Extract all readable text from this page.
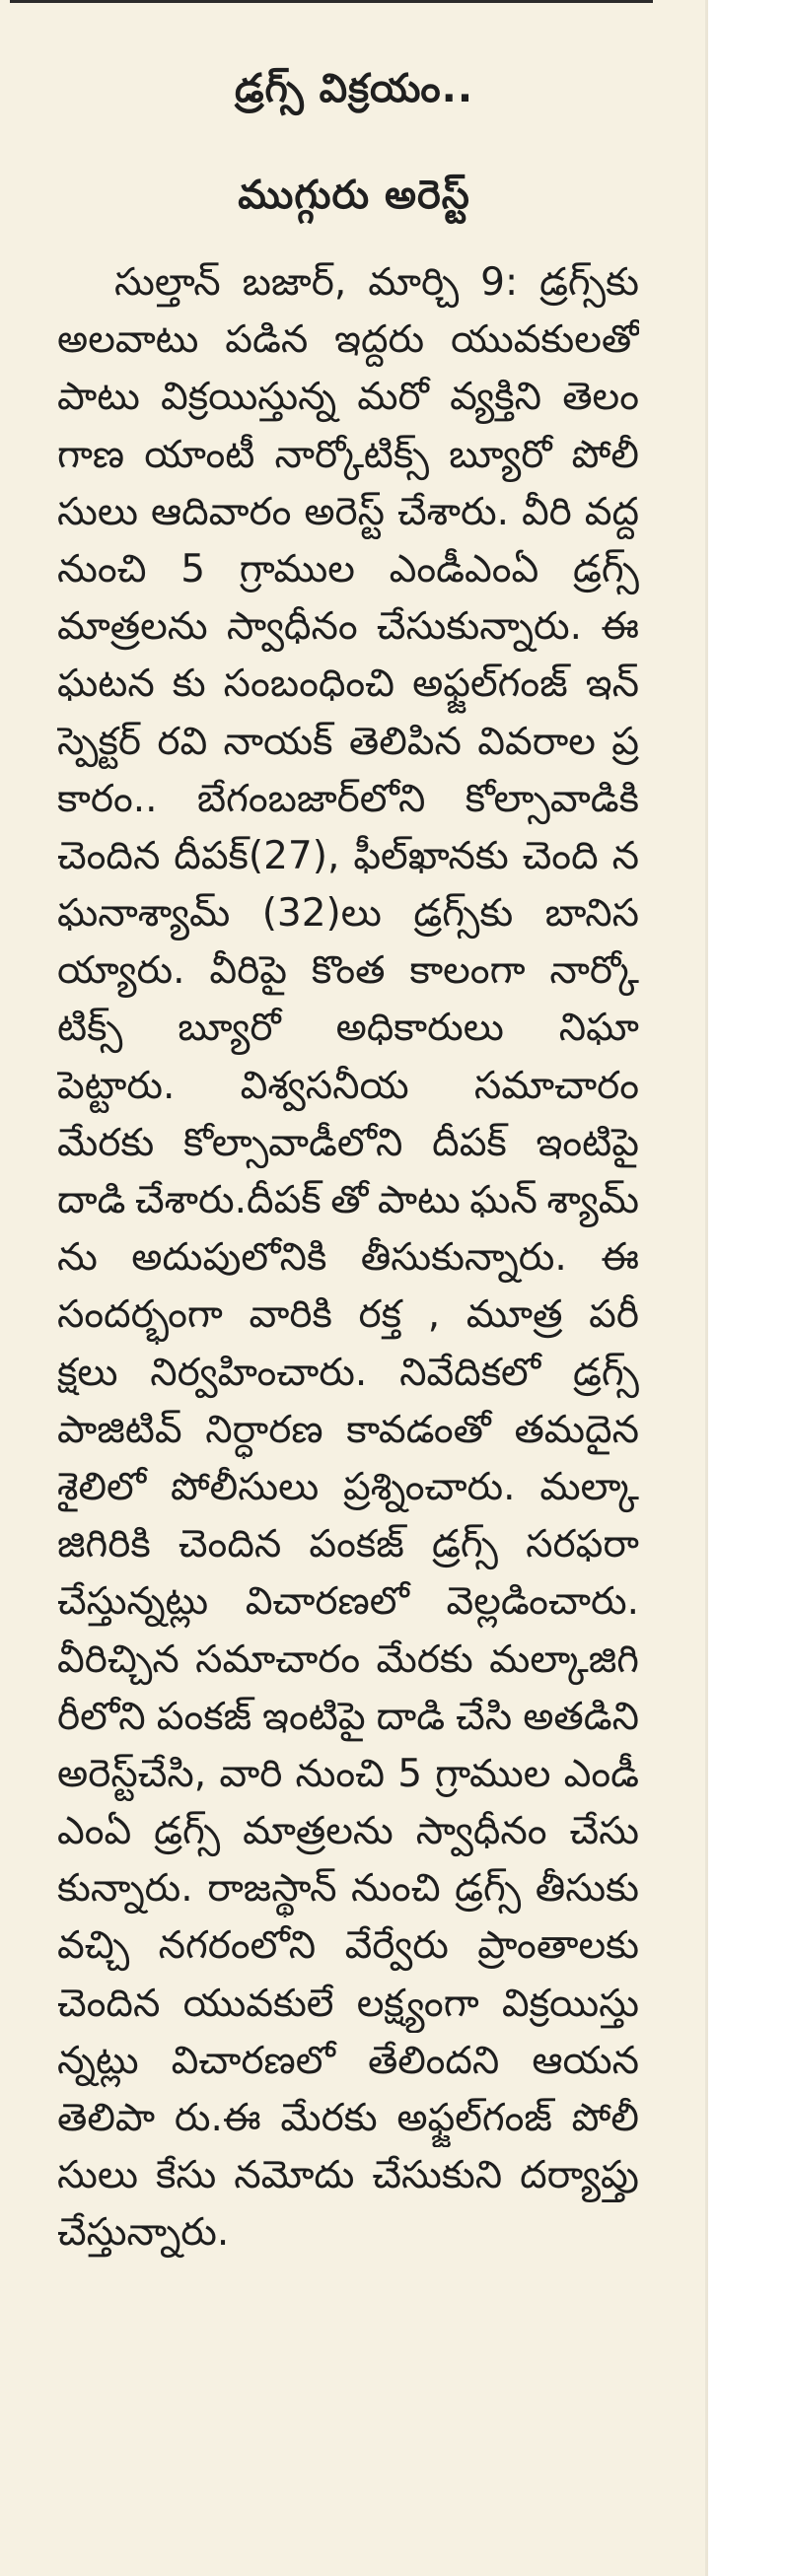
డ్రగ్స్ విక్రయం..
ముగ్గురు అరెస్ట్
సుల్తాన్ బజార్, మార్చి 9: డ్రగ్స్‌కు
అలవాటు పడిన ఇద్దరు యువకులతో
పాటు విక్రయిస్తున్న మరో వ్యక్తిని తెలం
గాణ యాంటీ నార్కోటిక్స్ బ్యూరో పోలీ
సులు ఆదివారం అరెస్ట్ చేశారు. వీరి వద్ద
నుంచి 5 గ్రాముల ఎండీఎంఏ డ్రగ్స్
మాత్రలను స్వాధీనం చేసుకున్నారు. ఈ
ఘటన కు సంబంధించి అఫ్జల్‌గంజ్ ఇన్
స్పెక్టర్ రవి నాయక్ తెలిపిన వివరాల ప్ర
కారం.. బేగంబజార్‌లోని కోల్సావాడికి
చెందిన దీపక్(27), ఫీల్‌ఖానకు చెంది న
ఘనాశ్యామ్ (32)లు డ్రగ్స్‌కు బానిస
య్యారు. వీరిపై కొంత కాలంగా నార్కో
టిక్స్ బ్యూరో అధికారులు నిఘా
పెట్టారు. విశ్వసనీయ సమాచారం
మేరకు కోల్సావాడీలోని దీపక్ ఇంటిపై
దాడి చేశారు.దీపక్ తో పాటు ఘన్ శ్యామ్
ను అదుపులోనికి తీసుకున్నారు. ఈ
సందర్భంగా వారికి రక్త , మూత్ర పరీ
క్షలు నిర్వహించారు. నివేదికలో డ్రగ్స్
పాజిటివ్ నిర్ధారణ కావడంతో తమదైన
శైలిలో పోలీసులు ప్రశ్నించారు. మల్కా
జిగిరికి చెందిన పంకజ్ డ్రగ్స్ సరఫరా
చేస్తున్నట్లు విచారణలో వెల్లడించారు.
వీరిచ్చిన సమాచారం మేరకు మల్కాజిగి
రీలోని పంకజ్ ఇంటిపై దాడి చేసి అతడిని
అరెస్ట్‌చేసి, వారి నుంచి 5 గ్రాముల ఎండీ
ఎంఏ డ్రగ్స్ మాత్రలను స్వాధీనం చేసు
కున్నారు. రాజస్థాన్ నుంచి డ్రగ్స్ తీసుకు
వచ్చి నగరంలోని వేర్వేరు ప్రాంతాలకు
చెందిన యువకులే లక్ష్యంగా విక్రయిస్తు
న్నట్లు విచారణలో తేలిందని ఆయన
తెలిపా రు.ఈ మేరకు అఫ్జల్‌గంజ్ పోలీ
సులు కేసు నమోదు చేసుకుని దర్యాప్తు
చేస్తున్నారు.
